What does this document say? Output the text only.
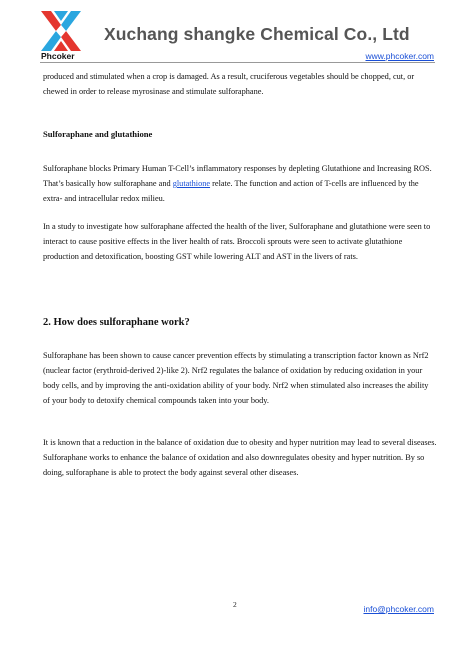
Xuchang shangke Chemical Co., Ltd
Phcoker	www.phcoker.com

produced and stimulated when a crop is damaged. As a result, cruciferous vegetables should be chopped, cut, or chewed in order to release myrosinase and stimulate sulforaphane.

Sulforaphane and glutathione

Sulforaphane blocks Primary Human T-Cell’s inflammatory responses by depleting Glutathione and Increasing ROS. That’s basically how sulforaphane and glutathione relate. The function and action of T-cells are influenced by the extra- and intracellular redox milieu.

In a study to investigate how sulforaphane affected the health of the liver, Sulforaphane and glutathione were seen to interact to cause positive effects in the liver health of rats. Broccoli sprouts were seen to activate glutathione production and detoxification, boosting GST while lowering ALT and AST in the livers of rats.

2. How does sulforaphane work?

Sulforaphane has been shown to cause cancer prevention effects by stimulating a transcription factor known as Nrf2 (nuclear factor (erythroid-derived 2)-like 2). Nrf2 regulates the balance of oxidation by reducing oxidation in your body cells, and by improving the anti-oxidation ability of your body. Nrf2 when stimulated also increases the ability of your body to detoxify chemical compounds taken into your body.

It is known that a reduction in the balance of oxidation due to obesity and hyper nutrition may lead to several diseases. Sulforaphane works to enhance the balance of oxidation and also downregulates obesity and hyper nutrition. By so doing, sulforaphane is able to protect the body against several other diseases.

2	info@phcoker.com
